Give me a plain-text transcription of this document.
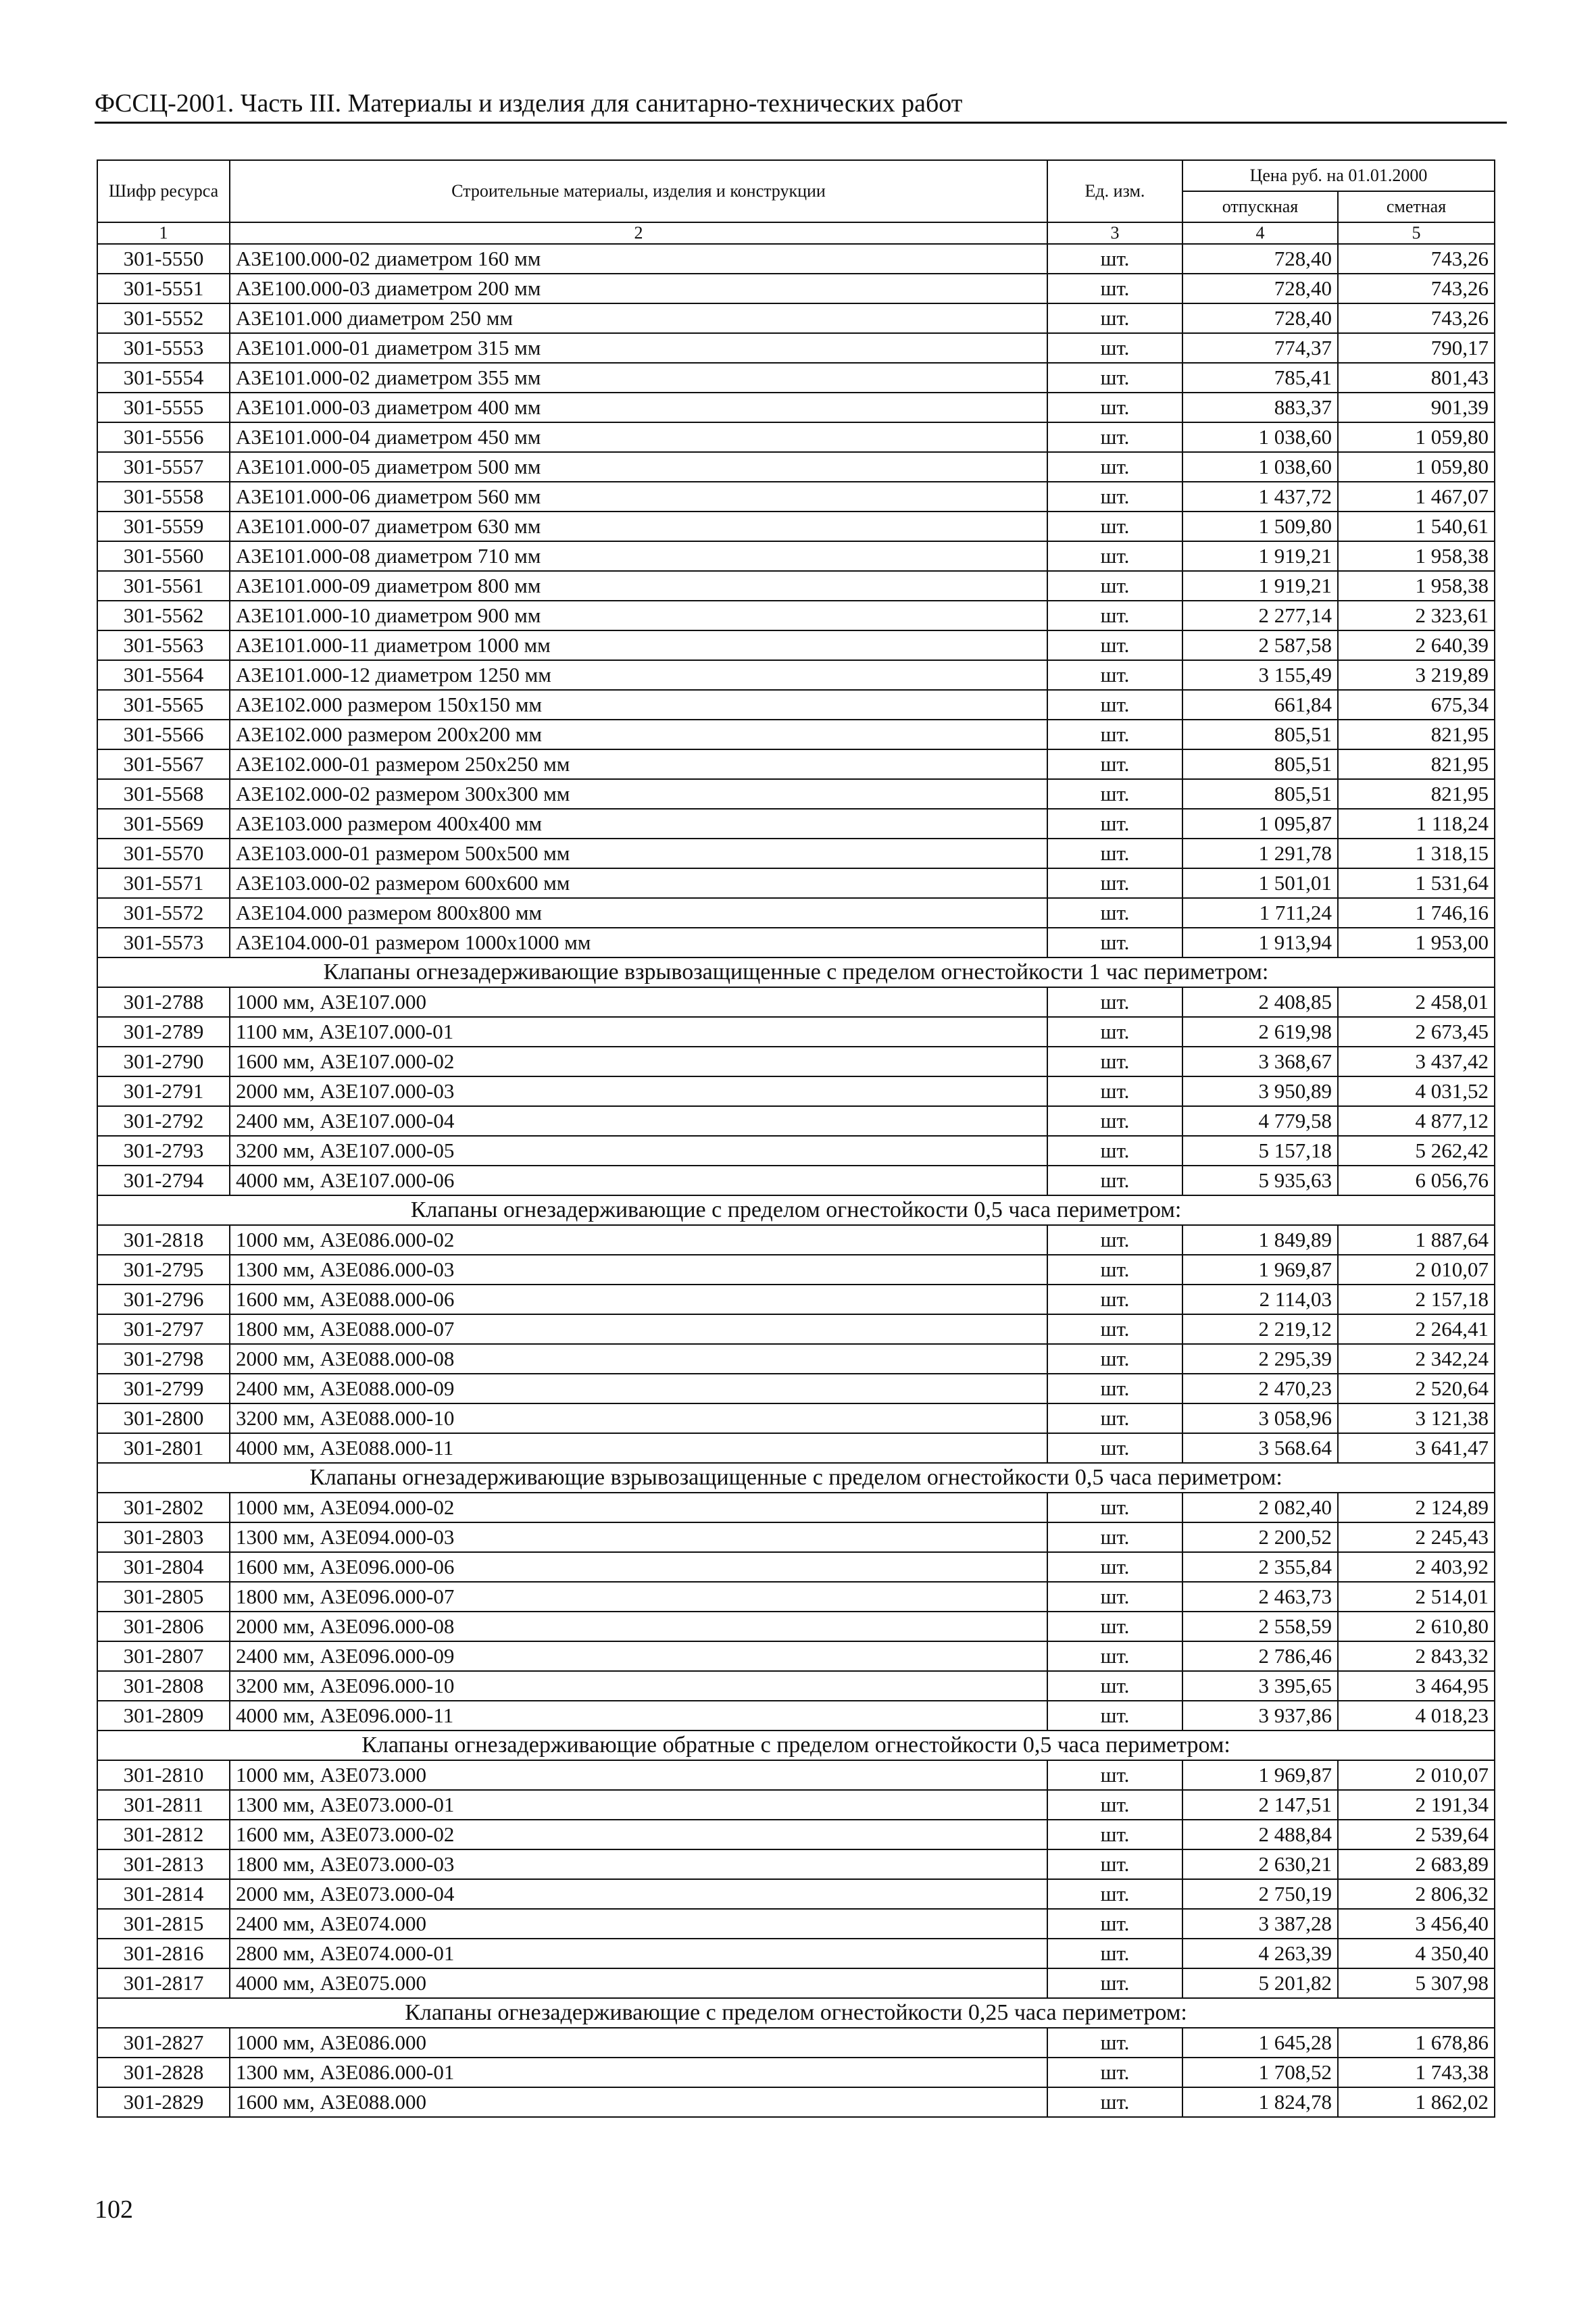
ФССЦ-2001. Часть III. Материалы и изделия для санитарно-технических работ
Шифр ресурса	Строительные материалы, изделия и конструкции	Ед. изм.	Цена руб. на 01.01.2000	
			отпускная	сметная
1	2	3	4	5
301-5550	А3Е100.000-02 диаметром 160 мм	шт.	728,40	743,26
301-5551	А3Е100.000-03 диаметром 200 мм	шт.	728,40	743,26
301-5552	А3Е101.000 диаметром 250 мм	шт.	728,40	743,26
301-5553	А3Е101.000-01 диаметром 315 мм	шт.	774,37	790,17
301-5554	А3Е101.000-02 диаметром 355 мм	шт.	785,41	801,43
301-5555	А3Е101.000-03 диаметром 400 мм	шт.	883,37	901,39
301-5556	А3Е101.000-04 диаметром 450 мм	шт.	1 038,60	1 059,80
301-5557	А3Е101.000-05 диаметром 500 мм	шт.	1 038,60	1 059,80
301-5558	А3Е101.000-06 диаметром 560 мм	шт.	1 437,72	1 467,07
301-5559	А3Е101.000-07 диаметром 630 мм	шт.	1 509,80	1 540,61
301-5560	А3Е101.000-08 диаметром 710 мм	шт.	1 919,21	1 958,38
301-5561	А3Е101.000-09 диаметром 800 мм	шт.	1 919,21	1 958,38
301-5562	А3Е101.000-10 диаметром 900 мм	шт.	2 277,14	2 323,61
301-5563	А3Е101.000-11 диаметром 1000 мм	шт.	2 587,58	2 640,39
301-5564	А3Е101.000-12 диаметром 1250 мм	шт.	3 155,49	3 219,89
301-5565	А3Е102.000 размером 150x150 мм	шт.	661,84	675,34
301-5566	А3Е102.000 размером 200x200 мм	шт.	805,51	821,95
301-5567	А3Е102.000-01 размером 250x250 мм	шт.	805,51	821,95
301-5568	А3Е102.000-02 размером 300x300 мм	шт.	805,51	821,95
301-5569	А3Е103.000 размером 400x400 мм	шт.	1 095,87	1 118,24
301-5570	А3Е103.000-01 размером 500x500 мм	шт.	1 291,78	1 318,15
301-5571	А3Е103.000-02 размером 600x600 мм	шт.	1 501,01	1 531,64
301-5572	А3Е104.000 размером 800x800 мм	шт.	1 711,24	1 746,16
301-5573	А3Е104.000-01 размером 1000x1000 мм	шт.	1 913,94	1 953,00
Клапаны огнезадерживающие взрывозащищенные с пределом огнестойкости 1 час периметром:				
301-2788	1000 мм, А3Е107.000	шт.	2 408,85	2 458,01
301-2789	1100 мм, А3Е107.000-01	шт.	2 619,98	2 673,45
301-2790	1600 мм, А3Е107.000-02	шт.	3 368,67	3 437,42
301-2791	2000 мм, А3Е107.000-03	шт.	3 950,89	4 031,52
301-2792	2400 мм, А3Е107.000-04	шт.	4 779,58	4 877,12
301-2793	3200 мм, А3Е107.000-05	шт.	5 157,18	5 262,42
301-2794	4000 мм, А3Е107.000-06	шт.	5 935,63	6 056,76
Клапаны огнезадерживающие с пределом огнестойкости 0,5 часа периметром:				
301-2818	1000 мм, А3Е086.000-02	шт.	1 849,89	1 887,64
301-2795	1300 мм, А3Е086.000-03	шт.	1 969,87	2 010,07
301-2796	1600 мм, А3Е088.000-06	шт.	2 114,03	2 157,18
301-2797	1800 мм, А3Е088.000-07	шт.	2 219,12	2 264,41
301-2798	2000 мм, А3Е088.000-08	шт.	2 295,39	2 342,24
301-2799	2400 мм, А3Е088.000-09	шт.	2 470,23	2 520,64
301-2800	3200 мм, А3Е088.000-10	шт.	3 058,96	3 121,38
301-2801	4000 мм, А3Е088.000-11	шт.	3 568.64	3 641,47
Клапаны огнезадерживающие взрывозащищенные с пределом огнестойкости 0,5 часа периметром:				
301-2802	1000 мм, А3Е094.000-02	шт.	2 082,40	2 124,89
301-2803	1300 мм, А3Е094.000-03	шт.	2 200,52	2 245,43
301-2804	1600 мм, А3Е096.000-06	шт.	2 355,84	2 403,92
301-2805	1800 мм, А3Е096.000-07	шт.	2 463,73	2 514,01
301-2806	2000 мм, А3Е096.000-08	шт.	2 558,59	2 610,80
301-2807	2400 мм, А3Е096.000-09	шт.	2 786,46	2 843,32
301-2808	3200 мм, А3Е096.000-10	шт.	3 395,65	3 464,95
301-2809	4000 мм, А3Е096.000-11	шт.	3 937,86	4 018,23
Клапаны огнезадерживающие обратные с пределом огнестойкости 0,5 часа периметром:				
301-2810	1000 мм, А3Е073.000	шт.	1 969,87	2 010,07
301-2811	1300 мм, А3Е073.000-01	шт.	2 147,51	2 191,34
301-2812	1600 мм, А3Е073.000-02	шт.	2 488,84	2 539,64
301-2813	1800 мм, А3Е073.000-03	шт.	2 630,21	2 683,89
301-2814	2000 мм, А3Е073.000-04	шт.	2 750,19	2 806,32
301-2815	2400 мм, А3Е074.000	шт.	3 387,28	3 456,40
301-2816	2800 мм, А3Е074.000-01	шт.	4 263,39	4 350,40
301-2817	4000 мм, А3Е075.000	шт.	5 201,82	5 307,98
Клапаны огнезадерживающие с пределом огнестойкости 0,25 часа периметром:				
301-2827	1000 мм, А3Е086.000	шт.	1 645,28	1 678,86
301-2828	1300 мм, А3Е086.000-01	шт.	1 708,52	1 743,38
301-2829	1600 мм, А3Е088.000	шт.	1 824,78	1 862,02
102
